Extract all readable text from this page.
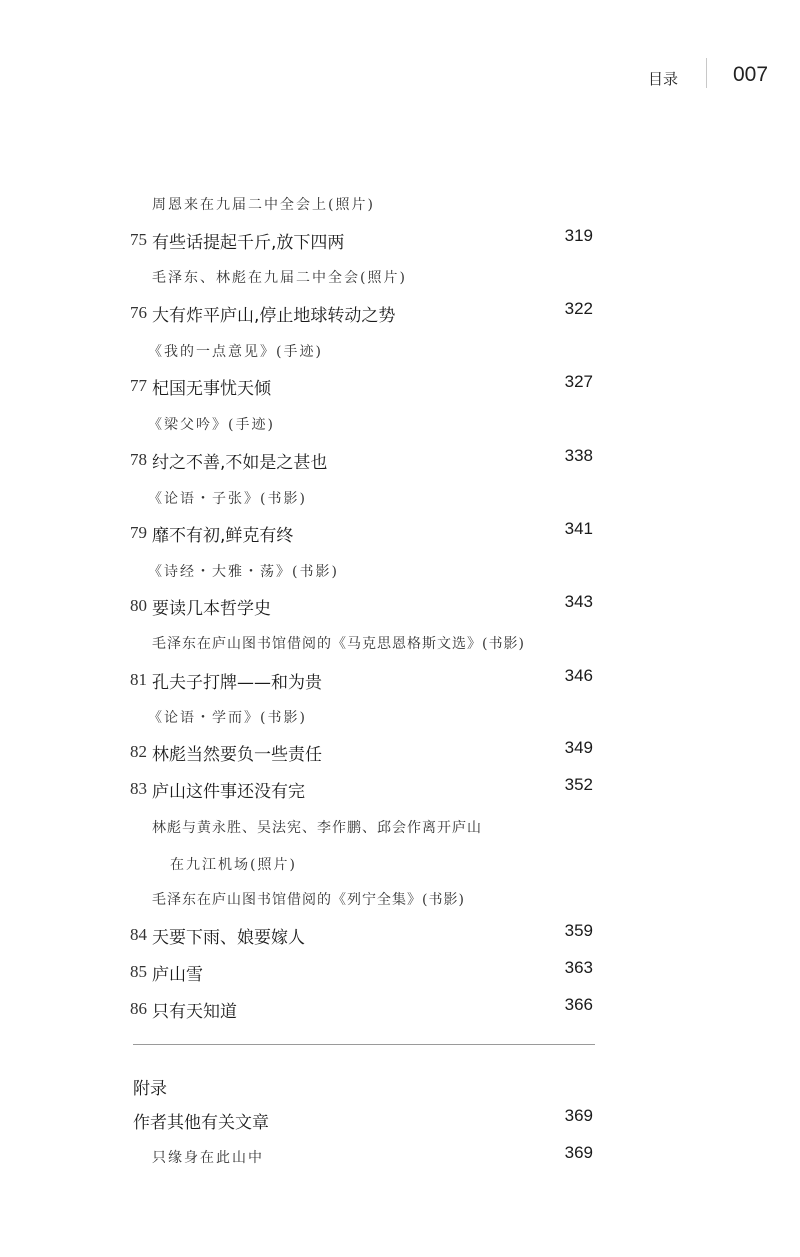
目录	007
周恩来在九届二中全会上(照片)
75 有些话提起千斤,放下四两	319
毛泽东、林彪在九届二中全会(照片)
76 大有炸平庐山,停止地球转动之势	322
《我的一点意见》(手迹)
77 杞国无事忧天倾	327
《梁父吟》(手迹)
78 纣之不善,不如是之甚也	338
《论语・子张》(书影)
79 靡不有初,鲜克有终	341
《诗经・大雅・荡》(书影)
80 要读几本哲学史	343
毛泽东在庐山图书馆借阅的《马克思恩格斯文选》(书影)
81 孔夫子打牌——和为贵	346
《论语・学而》(书影)
82 林彪当然要负一些责任	349
83 庐山这件事还没有完	352
林彪与黄永胜、吴法宪、李作鹏、邱会作离开庐山
在九江机场(照片)
毛泽东在庐山图书馆借阅的《列宁全集》(书影)
84 天要下雨、娘要嫁人	359
85 庐山雪	363
86 只有天知道	366
附录
作者其他有关文章	369
只缘身在此山中	369
